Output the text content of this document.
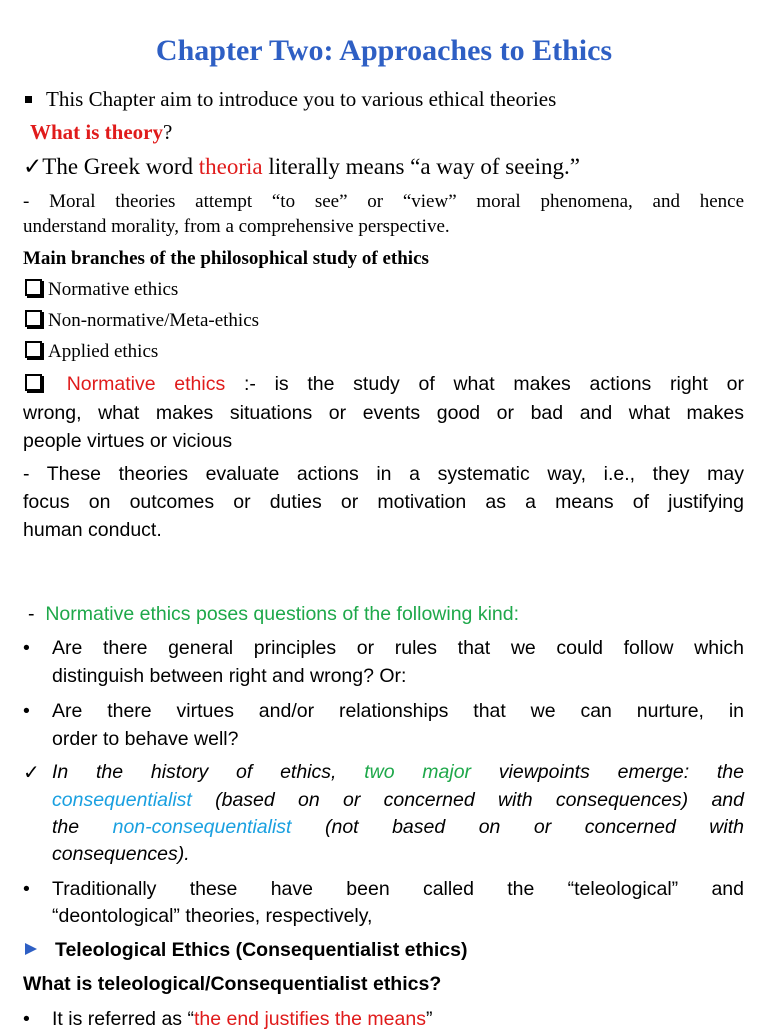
Chapter Two: Approaches to Ethics
This Chapter aim to introduce you to various ethical theories
What is theory?
✓The Greek word theoria literally means “a way of seeing.”
- Moral theories attempt “to see” or “view” moral phenomena, and hence
understand morality, from a comprehensive perspective.
Main branches of the philosophical study of ethics
Normative ethics
Non-normative/Meta-ethics
Applied ethics
Normative ethics :- is the study of what makes actions right or
wrong, what makes situations or events good or bad and what makes
people virtues or vicious
- These theories evaluate actions in a systematic way, i.e., they may
focus on outcomes or duties or motivation as a means of justifying
human conduct.
- Normative ethics poses questions of the following kind:
•	Are there general principles or rules that we could follow which
distinguish between right and wrong? Or:
•	Are there virtues and/or relationships that we can nurture, in
order to behave well?
✓ In the history of ethics, two major viewpoints emerge: the
consequentialist (based on or concerned with consequences) and
the non-consequentialist (not based on or concerned with
consequences).
•	Traditionally these have been called the “teleological” and
“deontological” theories, respectively,
Teleological Ethics (Consequentialist ethics)
What is teleological/Consequentialist ethics?
•	It is referred as “the end justifies the means”
